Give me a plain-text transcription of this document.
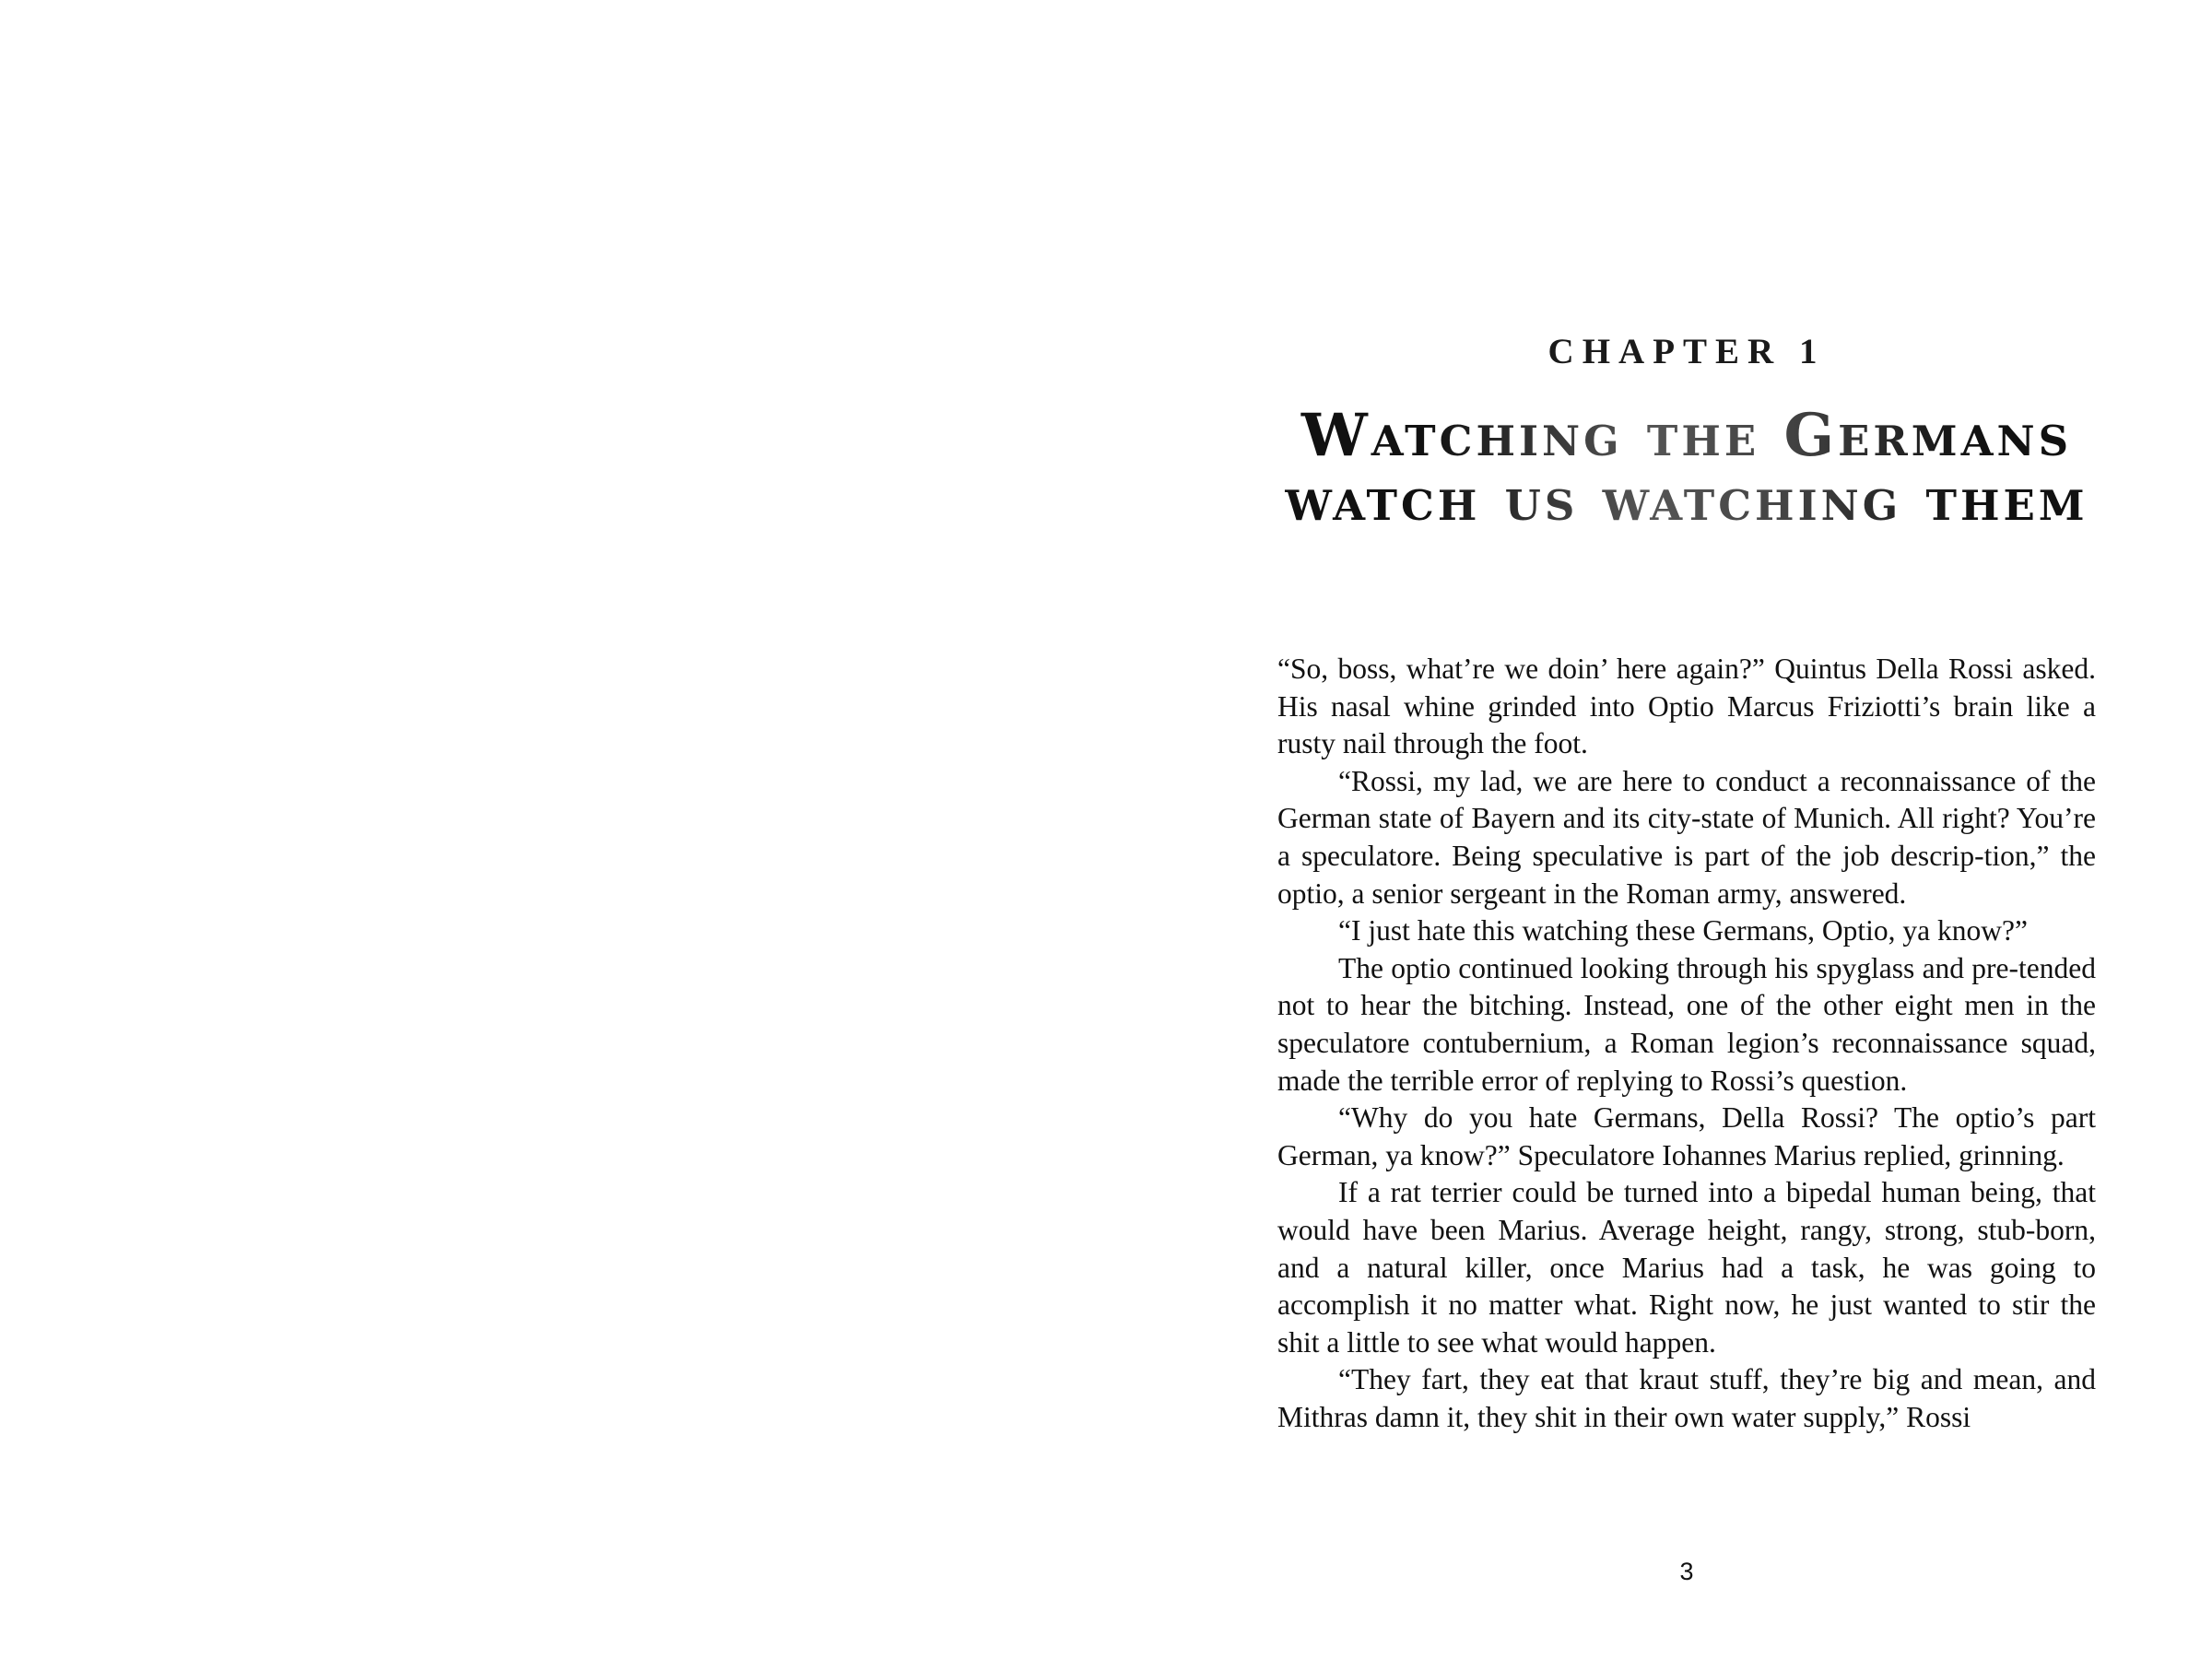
CHAPTER 1
Watching the Germans
watch us watching them

“So, boss, what’re we doin’ here again?” Quintus Della Rossi asked. His nasal whine grinded into Optio Marcus Friziotti’s brain like a rusty nail through the foot.

“Rossi, my lad, we are here to conduct a reconnaissance of the German state of Bayern and its city-state of Munich. All right? You’re a speculatore. Being speculative is part of the job descrip-tion,” the optio, a senior sergeant in the Roman army, answered.

“I just hate this watching these Germans, Optio, ya know?”

The optio continued looking through his spyglass and pre-tended not to hear the bitching. Instead, one of the other eight men in the speculatore contubernium, a Roman legion’s reconnaissance squad, made the terrible error of replying to Rossi’s question.

“Why do you hate Germans, Della Rossi? The optio’s part German, ya know?” Speculatore Iohannes Marius replied, grinning.

If a rat terrier could be turned into a bipedal human being, that would have been Marius. Average height, rangy, strong, stub-born, and a natural killer, once Marius had a task, he was going to accomplish it no matter what. Right now, he just wanted to stir the shit a little to see what would happen.

“They fart, they eat that kraut stuff, they’re big and mean, and Mithras damn it, they shit in their own water supply,” Rossi

3
